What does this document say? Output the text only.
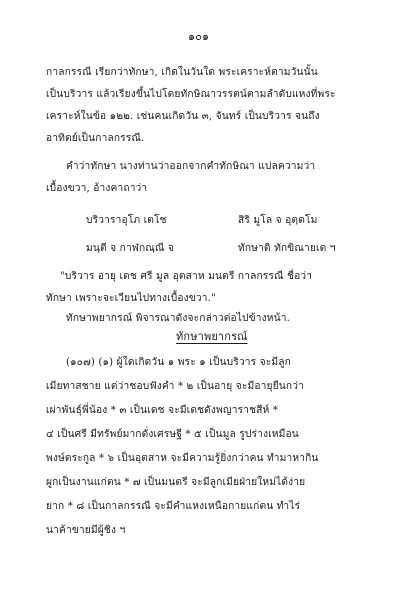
๑๐๑
กาลกรรณี เรียกว่าทักษา, เกิดในวันใด พระเคราะห์ตามวันนั้น
เป็นบริวาร แล้วเรียงขึ้นไปโดยทักษิณาวรรตน์ตามลำดับแหงที่พระ
เคราะห์ในข้อ ๑๒๒. เช่นคนเกิดวัน ๓, จันทร์ เป็นบริวาร จนถึง
อาทิตย์เป็นกาลกรรณี.
คำว่าทักษา นางท่านว่าออกจากคำทักษิณา แปลความว่า
เบื้องขวา, อ้างคาถาว่า
บริวาราอุโภ เตโช	สิริ มูโล จ อุตฺตโม
มนฺตี จ กาฬกณฺณี จ	ทักษาติ ทักขิณายเต ฯ
"บริวาร อายุ เดช ศรี มูล อุตสาห มนตรี กาลกรรณี ชื่อว่า
ทักษา เพราะจะเวียนไปทางเบื้องขวา."
ทักษาพยากรณ์ พิจารณาดังจะกล่าวต่อไปข้างหน้า.
ทักษาพยากรณ์
(๑๐๗) (๑) ผู้ใดเกิดวัน ๑ พระ ๑ เป็นบริวาร จะมีลูก
เมียทาสชาย แต่ว่าชอบฟังคำ * ๒ เป็นอายุ จะมีอายุยืนกว่า
เผ่าพันธุ์พี่น้อง * ๓ เป็นเดช จะมีเดชดังพญาราชสีห์ *
๔ เป็นศรี มีทรัพย์มากดั่งเศรษฐี * ๕ เป็นมูล รูปร่างเหมือน
พงษ์ตระกูล * ๖ เป็นอุตสาห จะมีความรู้ยิ่งกว่าคน ทำมาหากิน
ผูกเป็นงานแก่ตน * ๗ เป็นมนตรี จะมีลูกเมียฝ่ายใหม่ได้ง่าย
ยาก * ๘ เป็นกาลกรรณี จะมีคำแหงเหนือกายแก่ตน ทำไร่
นาค้าขายมีผู้ชิง ฯ
